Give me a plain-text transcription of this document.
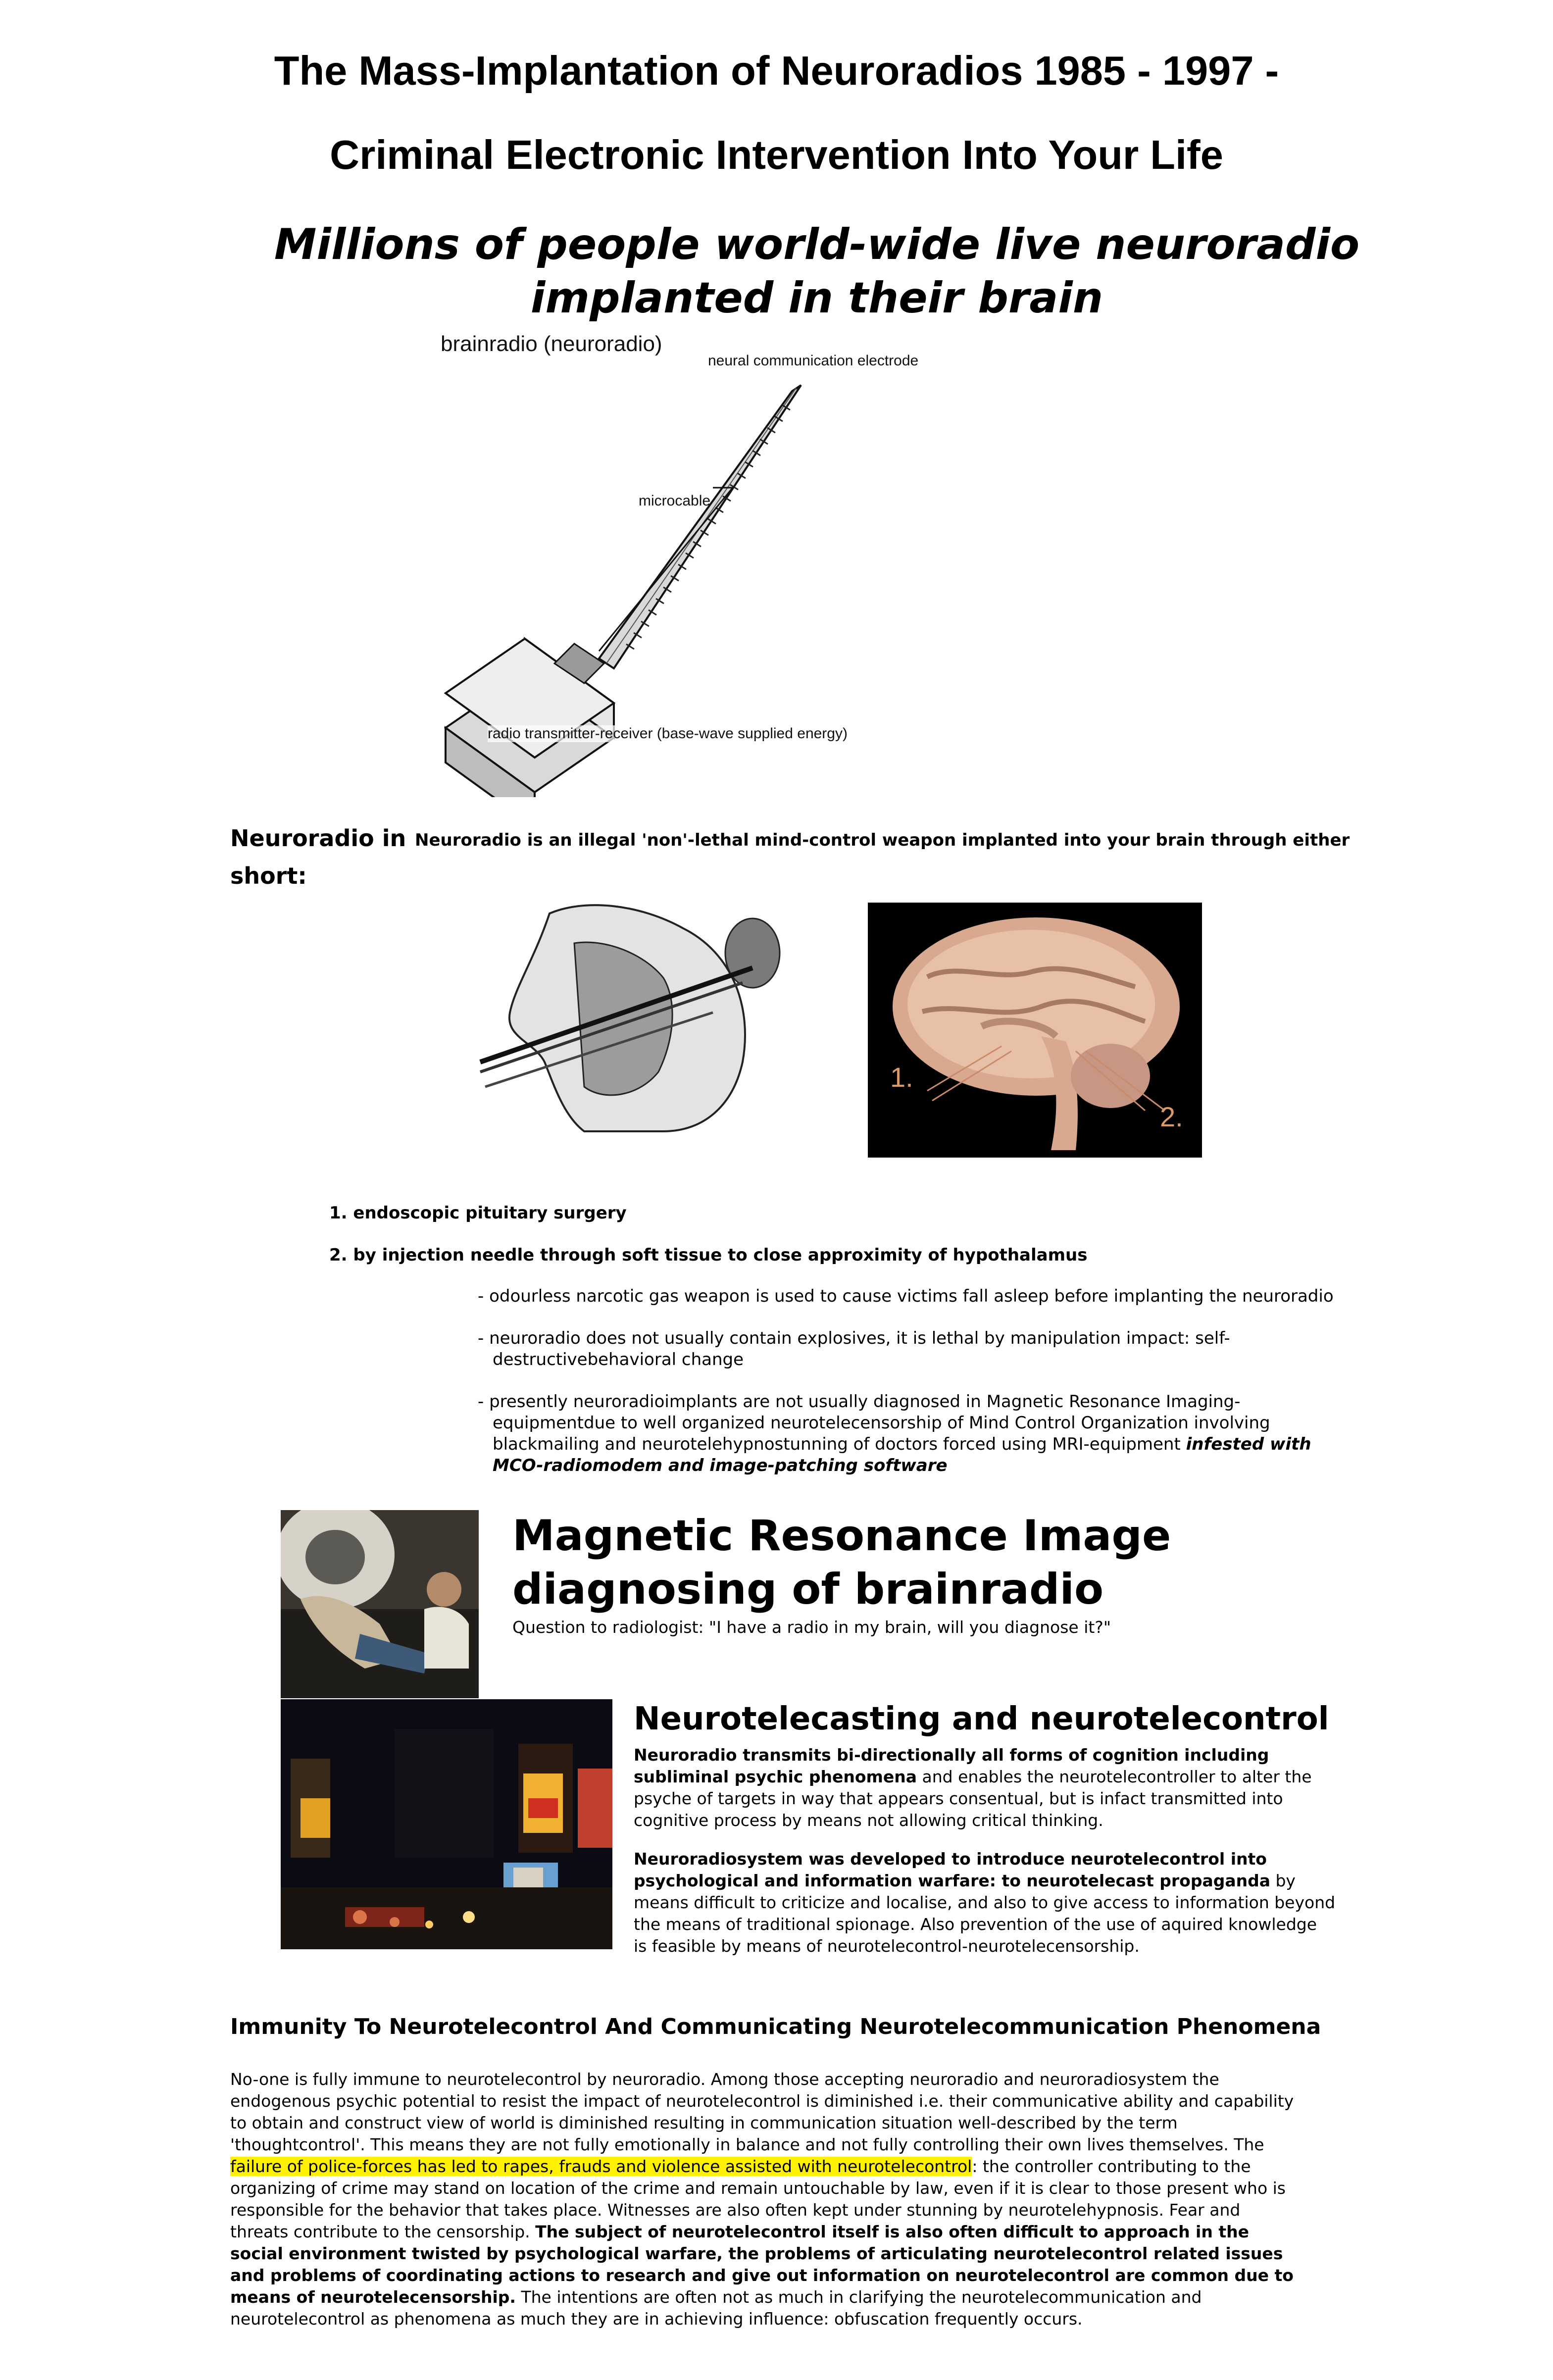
The Mass-Implantation of Neuroradios 1985 - 1997 -
Criminal Electronic Intervention Into Your Life
Millions of people world-wide live neuroradio implanted in their brain
brainradio (neuroradio)
neural communication electrode
microcable
radio transmitter-receiver (base-wave supplied energy)
Neuroradio in
short:
Neuroradio is an illegal 'non'-lethal mind-control weapon implanted into your brain through either
1.
2.
1. endoscopic pituitary surgery
2. by injection needle through soft tissue to close approximity of hypothalamus
- odourless narcotic gas weapon is used to cause victims fall asleep before implanting the neuroradio
- neuroradio does not usually contain explosives, it is lethal by manipulation impact: self-
destructivebehavioral change
- presently neuroradioimplants are not usually diagnosed in Magnetic Resonance Imaging-
equipmentdue to well organized neurotelecensorship of Mind Control Organization involving
blackmailing and neurotelehypnostunning of doctors forced using MRI-equipment infested with
MCO-radiomodem and image-patching software
Magnetic Resonance Image
diagnosing of brainradio
Question to radiologist: "I have a radio in my brain, will you diagnose it?"
Neurotelecasting and neurotelecontrol
Neuroradio transmits bi-directionally all forms of cognition including
subliminal psychic phenomena and enables the neurotelecontroller to alter the
psyche of targets in way that appears consentual, but is infact transmitted into
cognitive process by means not allowing critical thinking.
Neuroradiosystem was developed to introduce neurotelecontrol into
psychological and information warfare: to neurotelecast propaganda by
means difficult to criticize and localise, and also to give access to information beyond
the means of traditional spionage. Also prevention of the use of aquired knowledge
is feasible by means of neurotelecontrol-neurotelecensorship.
Immunity To Neurotelecontrol And Communicating Neurotelecommunication Phenomena
No-one is fully immune to neurotelecontrol by neuroradio. Among those accepting neuroradio and neuroradiosystem the
endogenous psychic potential to resist the impact of neurotelecontrol is diminished i.e. their communicative ability and capability
to obtain and construct view of world is diminished resulting in communication situation well-described by the term
'thoughtcontrol'. This means they are not fully emotionally in balance and not fully controlling their own lives themselves. The
failure of police-forces has led to rapes, frauds and violence assisted with neurotelecontrol: the controller contributing to the
organizing of crime may stand on location of the crime and remain untouchable by law, even if it is clear to those present who is
responsible for the behavior that takes place. Witnesses are also often kept under stunning by neurotelehypnosis. Fear and
threats contribute to the censorship. The subject of neurotelecontrol itself is also often difficult to approach in the
social environment twisted by psychological warfare, the problems of articulating neurotelecontrol related issues
and problems of coordinating actions to research and give out information on neurotelecontrol are common due to
means of neurotelecensorship. The intentions are often not as much in clarifying the neurotelecommunication and
neurotelecontrol as phenomena as much they are in achieving influence: obfuscation frequently occurs.
